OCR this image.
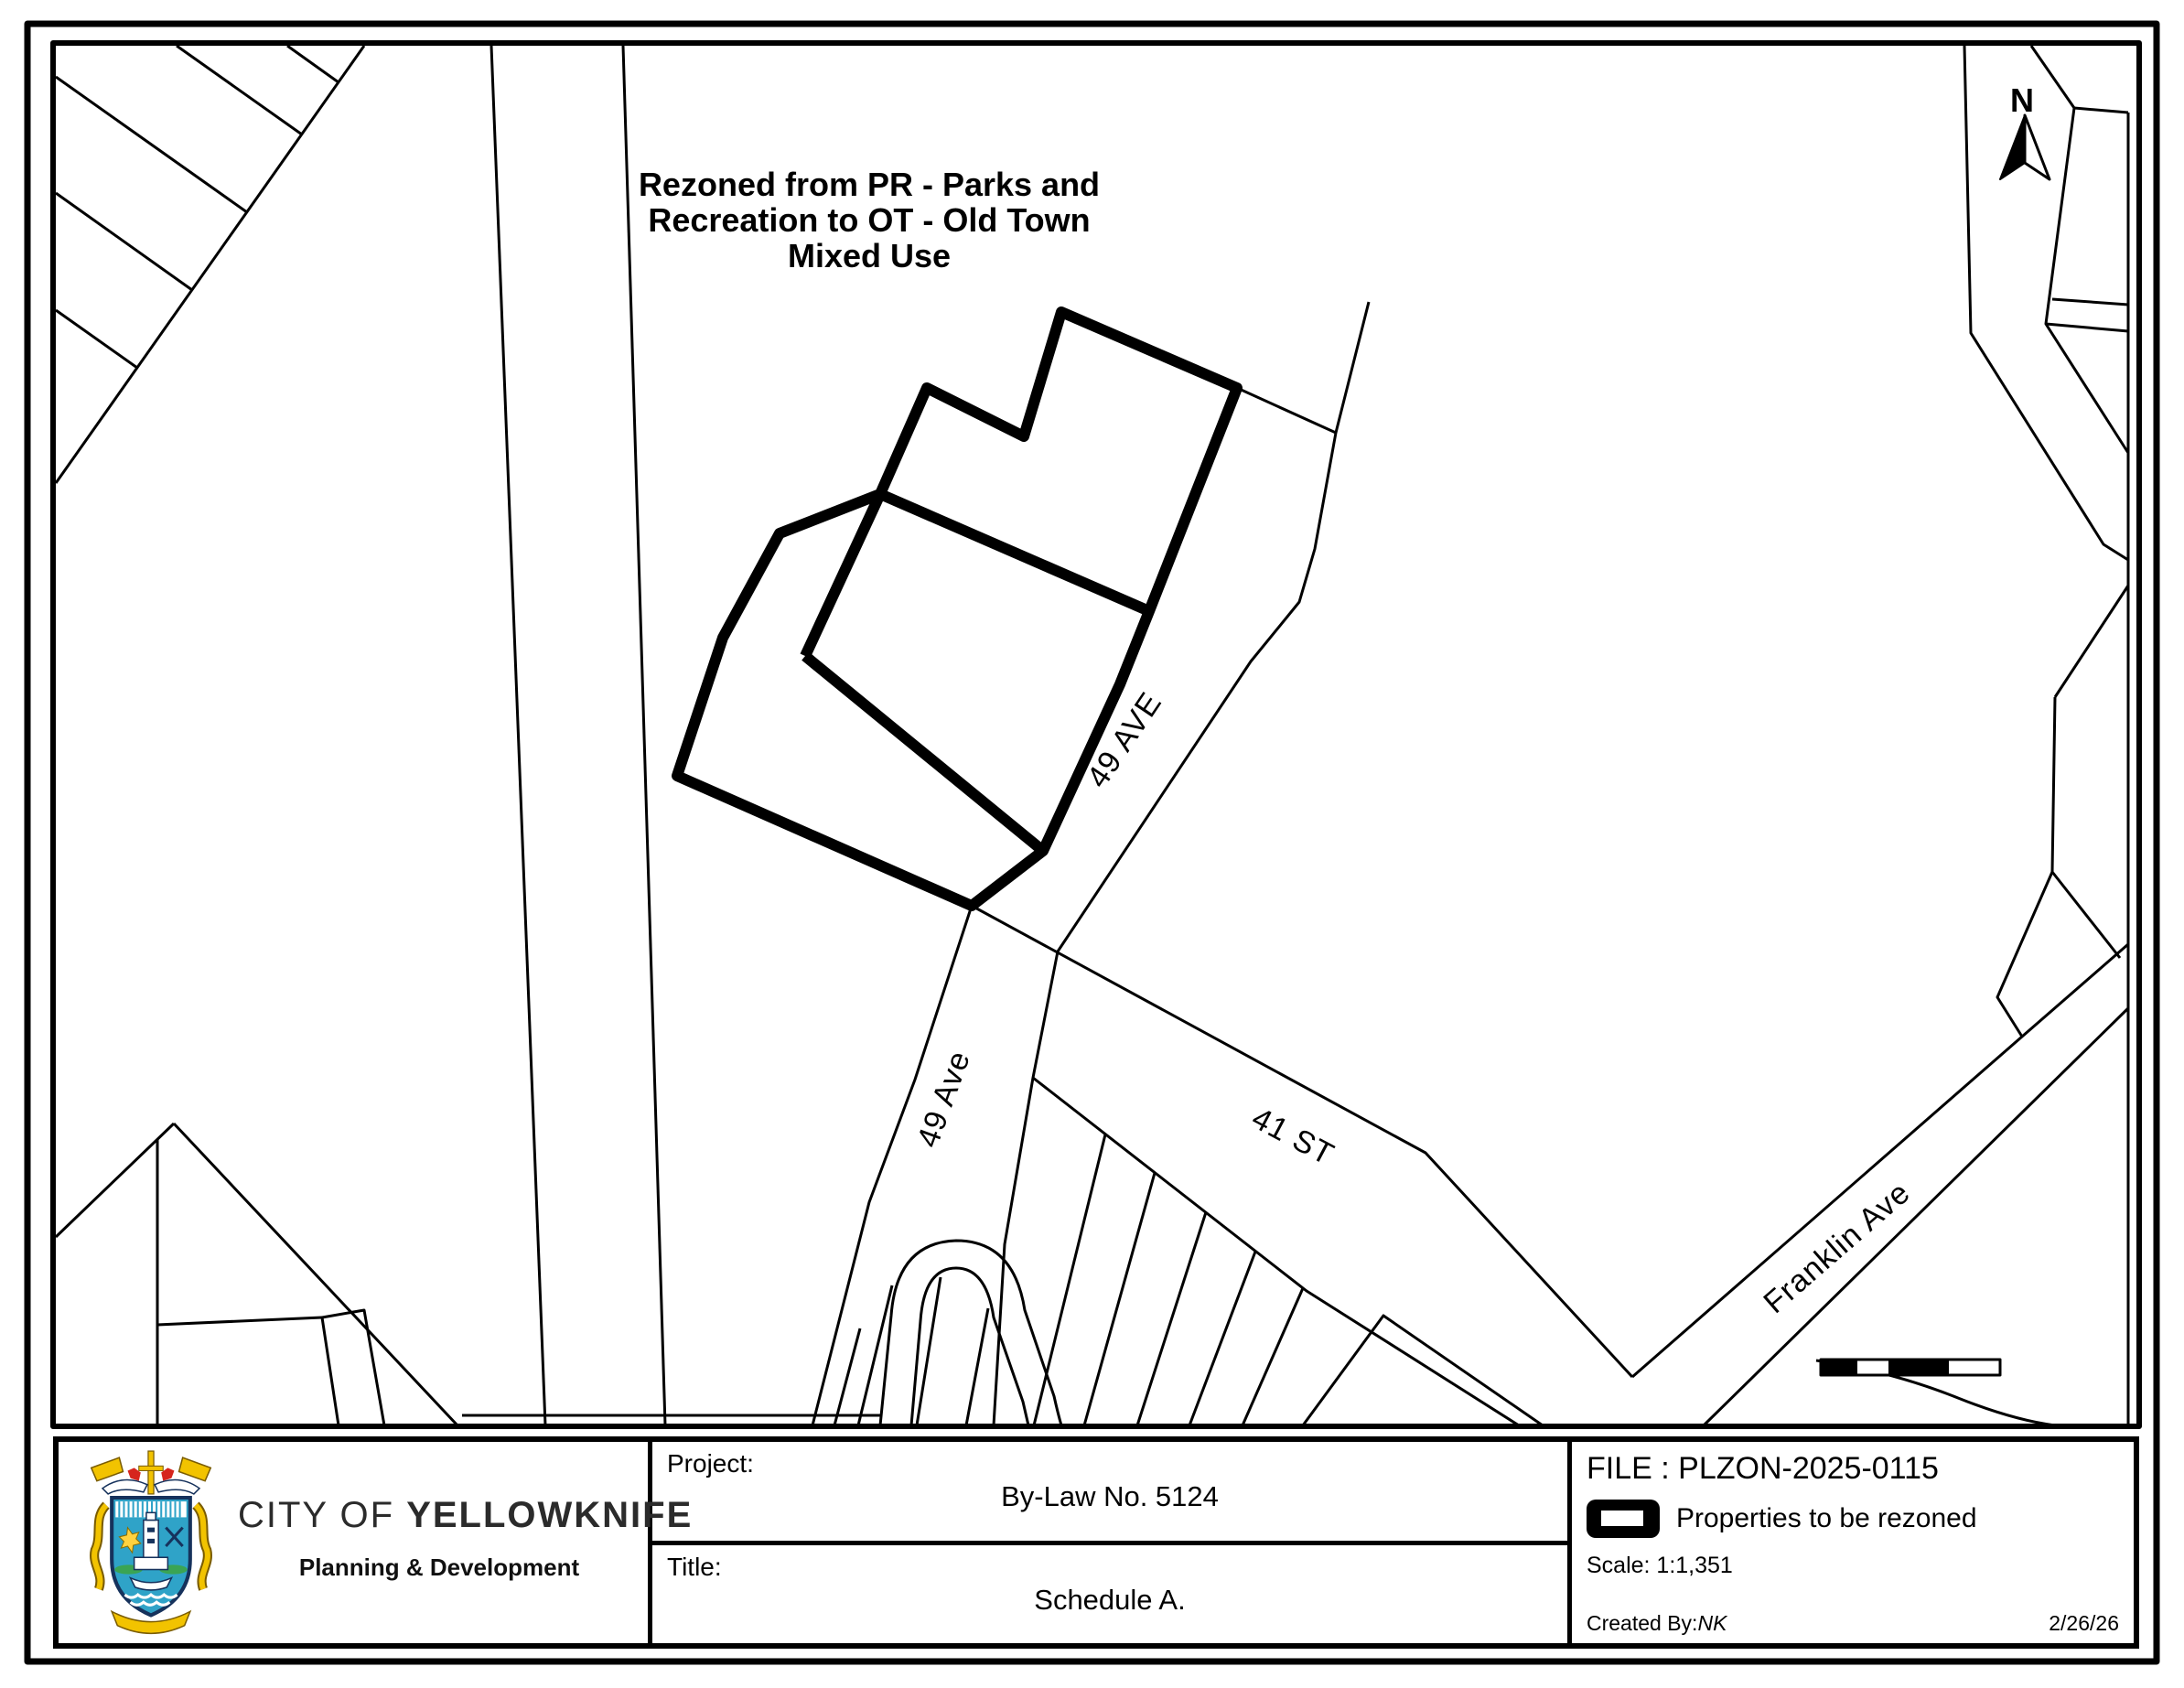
Rezoned from PR - Parks and
Recreation to OT - Old Town
Mixed Use
49 AVE
49 Ave	41 ST
Franklin Ave
N
CITY OF YELLOWKNIFE
Planning & Development
Project:
By-Law No. 5124
Title:
Schedule A.
FILE : PLZON-2025-0115
Properties to be rezoned
Scale: 1:1,351
Created By:NK	2/26/26
